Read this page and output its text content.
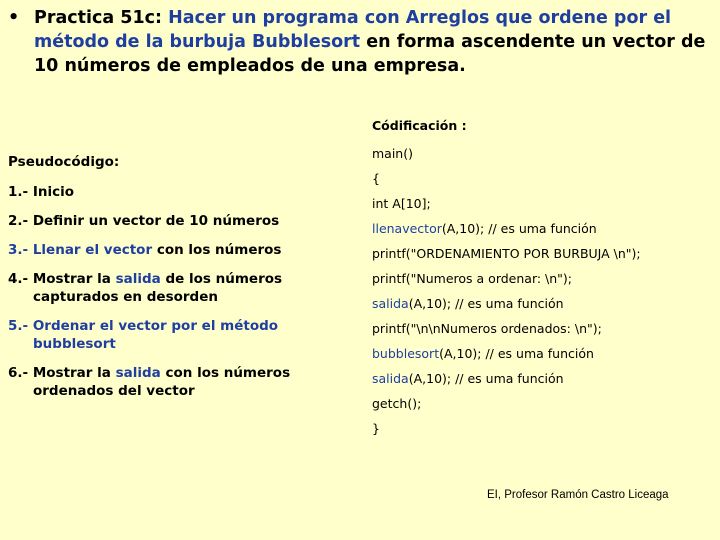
• Practica 51c: Hacer un programa con Arreglos que ordene por el método de la burbuja Bubblesort en forma ascendente un vector de 10 números de empleados de una empresa.
Pseudocódigo:
1.- Inicio
2.- Definir un vector de 10 números
3.- Llenar el vector con los números
4.- Mostrar la salida de los números
capturados en desorden
5.- Ordenar el vector por el método
bubblesort
6.- Mostrar la salida con los números
ordenados del vector
Códificación :
main()
{
int A[10];
llenavector(A,10); // es uma función
printf("ORDENAMIENTO POR BURBUJA \n");
printf("Numeros a ordenar: \n");
salida(A,10); // es uma función
printf("\n\nNumeros ordenados: \n");
bubblesort(A,10); // es uma función
salida(A,10); // es uma función
getch();
}
EI, Profesor Ramón Castro Liceaga
